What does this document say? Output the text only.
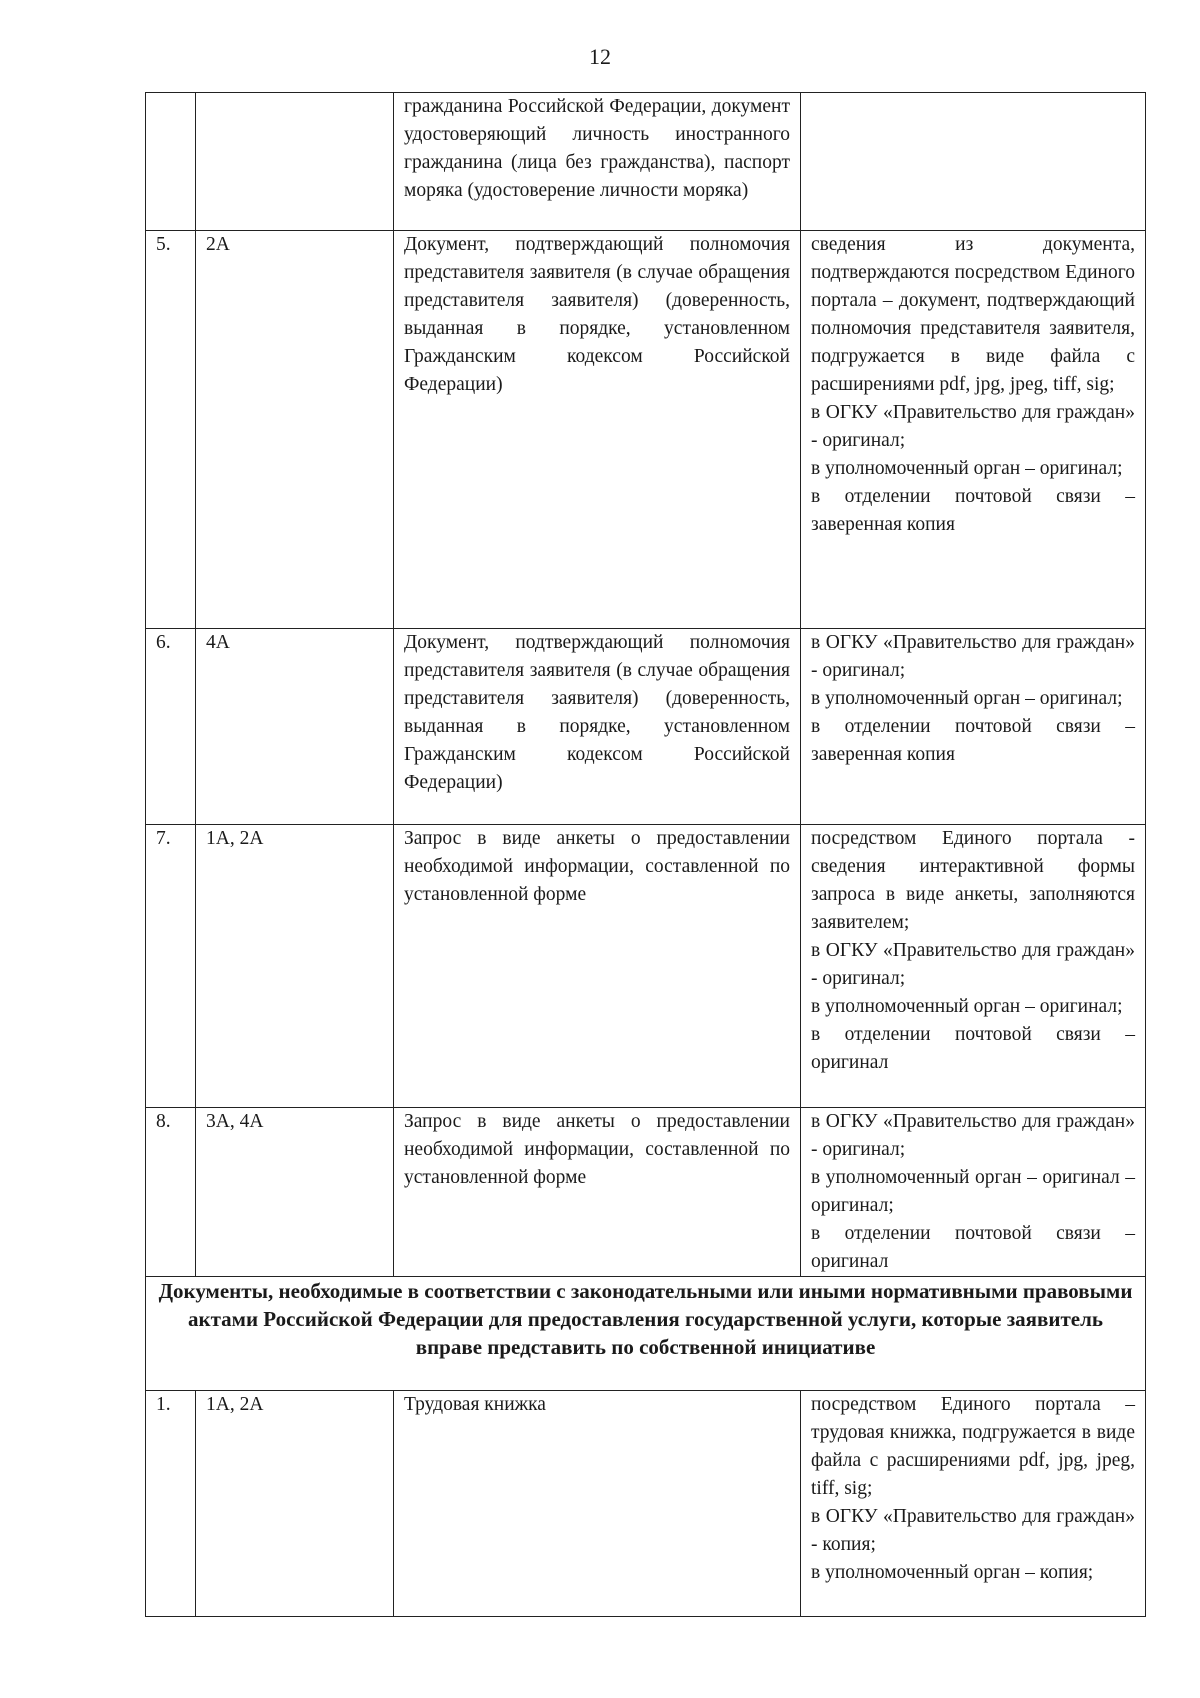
12
		гражданина Российской Федерации, документ удостоверяющий личность иностранного гражданина (лица без гражданства), паспорт моряка (удостоверение личности моряка)	
5.	2А	Документ, подтверждающий полномочия представителя заявителя (в случае обращения представителя заявителя) (доверенность, выданная в порядке, установленном Гражданским кодексом Российской Федерации)	сведения из документа, подтверждаются посредством Единого портала – документ, подтверждающий полномочия представителя заявителя, подгружается в виде файла с расширениями pdf, jpg, jpeg, tiff, sig;
в ОГКУ «Правительство для граждан» - оригинал;
в уполномоченный орган – оригинал;
в отделении почтовой связи – заверенная копия

6.	4А	Документ, подтверждающий полномочия представителя заявителя (в случае обращения представителя заявителя) (доверенность, выданная в порядке, установленном Гражданским кодексом Российской Федерации)	в ОГКУ «Правительство для граждан» - оригинал;
в уполномоченный орган – оригинал;
в отделении почтовой связи – заверенная копия

7.	1А, 2А	Запрос в виде анкеты о предоставлении необходимой информации, составленной по установленной форме	посредством Единого портала - сведения интерактивной формы запроса в виде анкеты, заполняются заявителем;
в ОГКУ «Правительство для граждан» - оригинал;
в уполномоченный орган – оригинал;
в отделении почтовой связи – оригинал

8.	3А, 4А	Запрос в виде анкеты о предоставлении необходимой информации, составленной по установленной форме	в ОГКУ «Правительство для граждан» - оригинал;
в уполномоченный орган – оригинал – оригинал;
в отделении почтовой связи – оригинал

Документы, необходимые в соответствии с законодательными или иными нормативными правовыми актами Российской Федерации для предоставления государственной услуги, которые заявитель вправе представить по собственной инициативе			
1.	1А, 2А	Трудовая книжка	посредством Единого портала – трудовая книжка, подгружается в виде файла с расширениями pdf, jpg, jpeg, tiff, sig;
в ОГКУ «Правительство для граждан» - копия;
в уполномоченный орган – копия;
